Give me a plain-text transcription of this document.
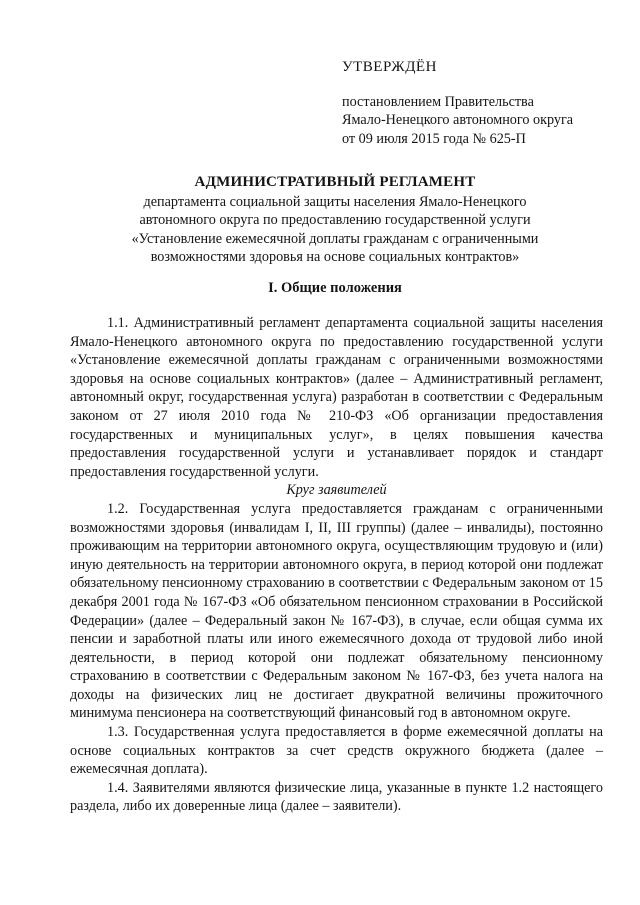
УТВЕРЖДЁН
постановлением Правительства
Ямало-Ненецкого автономного округа
от 09 июля 2015 года № 625-П
АДМИНИСТРАТИВНЫЙ РЕГЛАМЕНТ
департамента социальной защиты населения Ямало-Ненецкого
автономного округа по предоставлению государственной услуги
«Установление ежемесячной доплаты гражданам с ограниченными
возможностями здоровья на основе социальных контрактов»
I. Общие положения

1.1. Административный регламент департамента социальной защиты населения Ямало-Ненецкого автономного округа по предоставлению государственной услуги «Установление ежемесячной доплаты гражданам с ограниченными возможностями здоровья на основе социальных контрактов» (далее – Административный регламент, автономный округ, государственная услуга) разработан в соответствии с Федеральным законом от 27 июля 2010 года № 210-ФЗ «Об организации предоставления государственных и муниципальных услуг», в целях повышения качества предоставления государственной услуги и устанавливает порядок и стандарт предоставления государственной услуги.

Круг заявителей

1.2. Государственная услуга предоставляется гражданам с ограниченными возможностями здоровья (инвалидам I, II, III группы) (далее – инвалиды), постоянно проживающим на территории автономного округа, осуществляющим трудовую и (или) иную деятельность на территории автономного округа, в период которой они подлежат обязательному пенсионному страхованию в соответствии с Федеральным законом от 15 декабря 2001 года № 167-ФЗ «Об обязательном пенсионном страховании в Российской Федерации» (далее – Федеральный закон № 167-ФЗ), в случае, если общая сумма их пенсии и заработной платы или иного ежемесячного дохода от трудовой либо иной деятельности, в период которой они подлежат обязательному пенсионному страхованию в соответствии с Федеральным законом № 167-ФЗ, без учета налога на доходы на физических лиц не достигает двукратной величины прожиточного минимума пенсионера на соответствующий финансовый год в автономном округе.

1.3. Государственная услуга предоставляется в форме ежемесячной доплаты на основе социальных контрактов за счет средств окружного бюджета (далее – ежемесячная доплата).

1.4. Заявителями являются физические лица, указанные в пункте 1.2 настоящего раздела, либо их доверенные лица (далее – заявители).
